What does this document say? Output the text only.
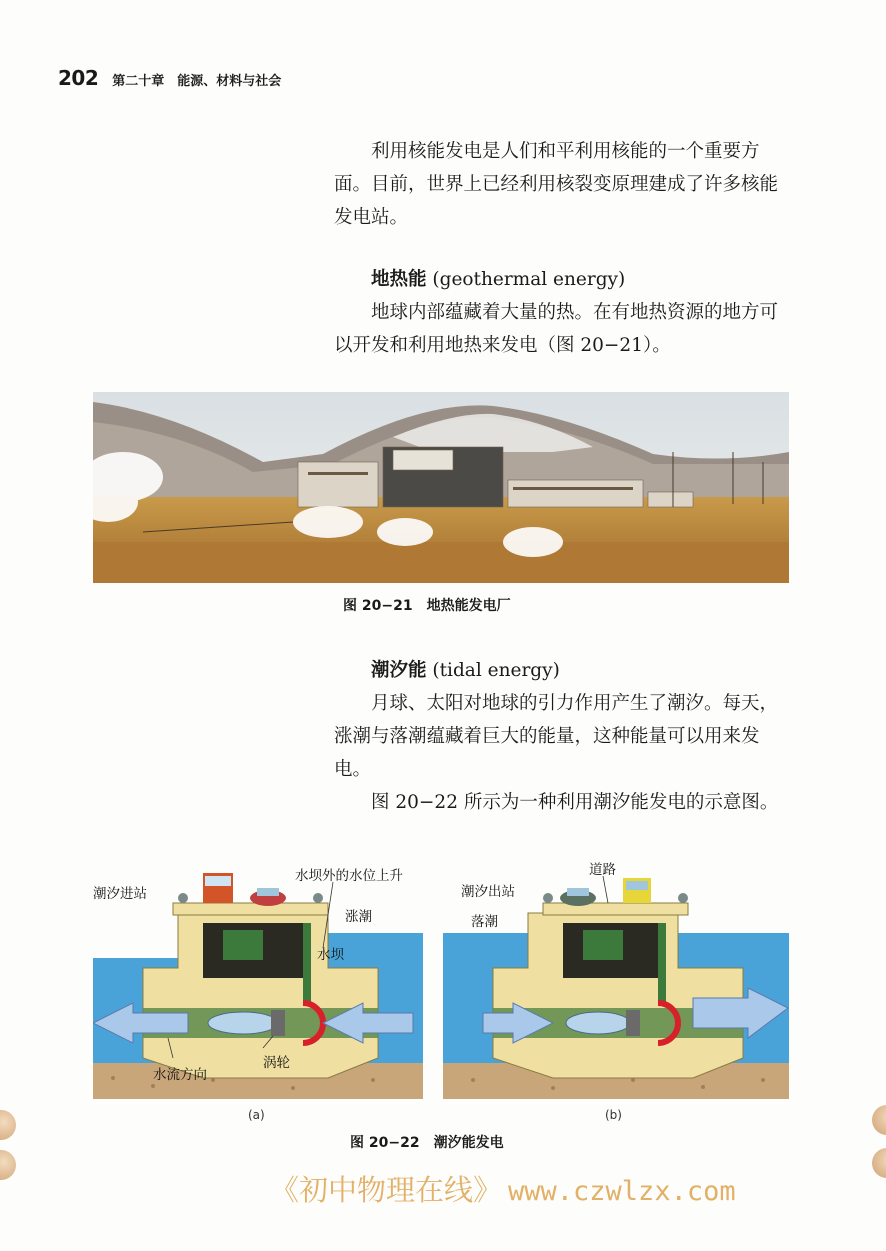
202 第二十章　能源、材料与社会

利用核能发电是人们和平利用核能的一个重要方面。目前，世界上已经利用核裂变原理建成了许多核能发电站。

地热能 (geothermal energy)

地球内部蕴藏着大量的热。在有地热资源的地方可以开发和利用地热来发电（图 20−21）。

图 20−21　地热能发电厂

潮汐能 (tidal energy)

月球、太阳对地球的引力作用产生了潮汐。每天，涨潮与落潮蕴藏着巨大的能量，这种能量可以用来发电。

图 20−22 所示为一种利用潮汐能发电的示意图。

潮汐进站
水坝外的水位上升
涨潮
水坝
水流方向
涡轮
(a)
道路
潮汐出站
落潮
(b)
图 20−22　潮汐能发电
《初中物理在线》 www.czwlzx.com
